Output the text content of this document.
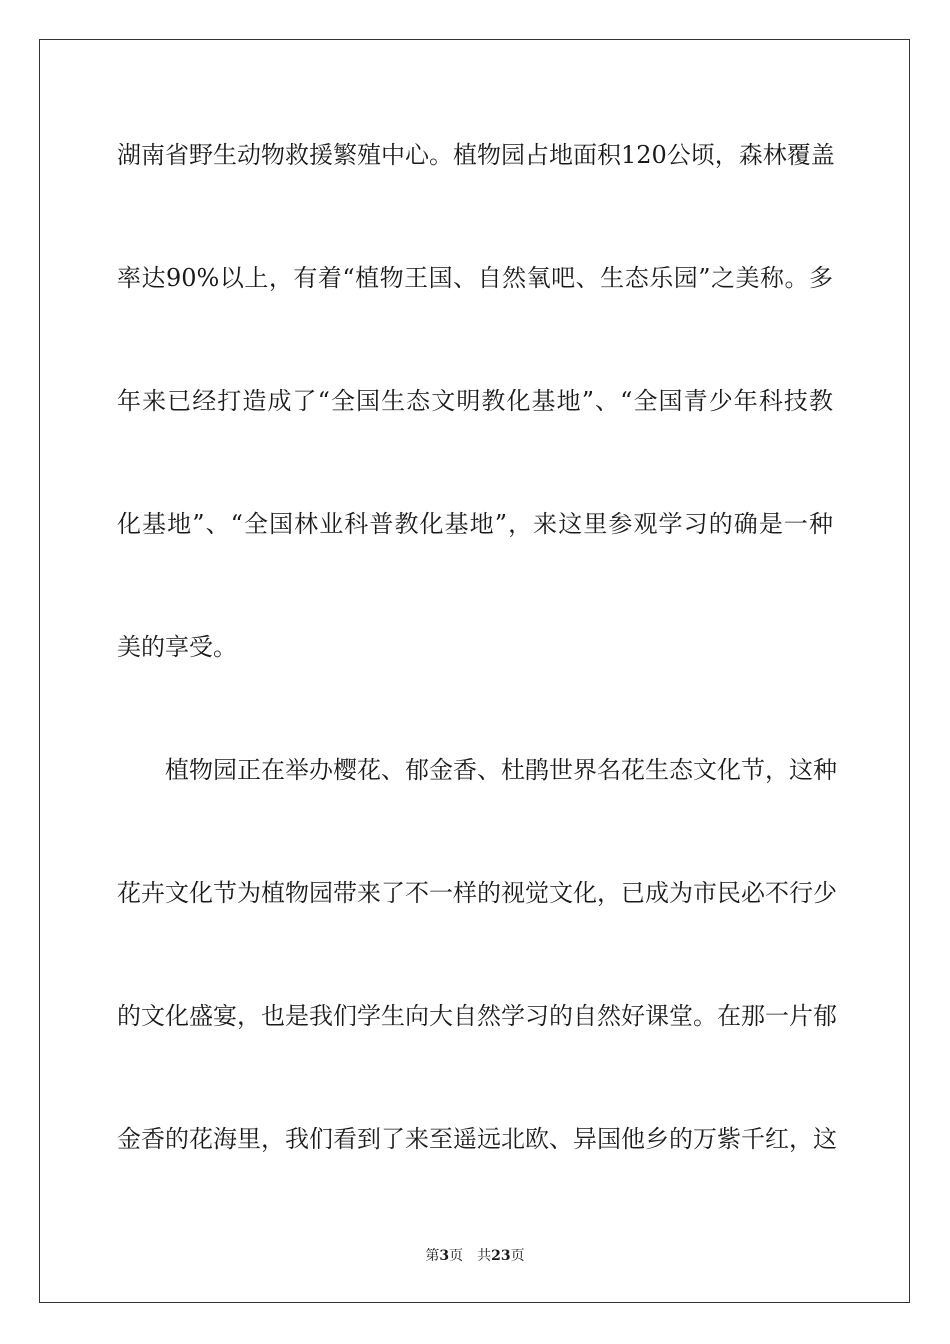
湖南省野生动物救援繁殖中心。植物园占地面积120公顷，森林覆盖
率达90%以上，有着“植物王国、自然氧吧、生态乐园”之美称。多
年来已经打造成了“全国生态文明教化基地”、“全国青少年科技教
化基地”、“全国林业科普教化基地”，来这里参观学习的确是一种
美的享受。
植物园正在举办樱花、郁金香、杜鹃世界名花生态文化节，这种
花卉文化节为植物园带来了不一样的视觉文化，已成为市民必不行少
的文化盛宴，也是我们学生向大自然学习的自然好课堂。在那一片郁
金香的花海里，我们看到了来至遥远北欧、异国他乡的万紫千红，这
第3页 共23页
